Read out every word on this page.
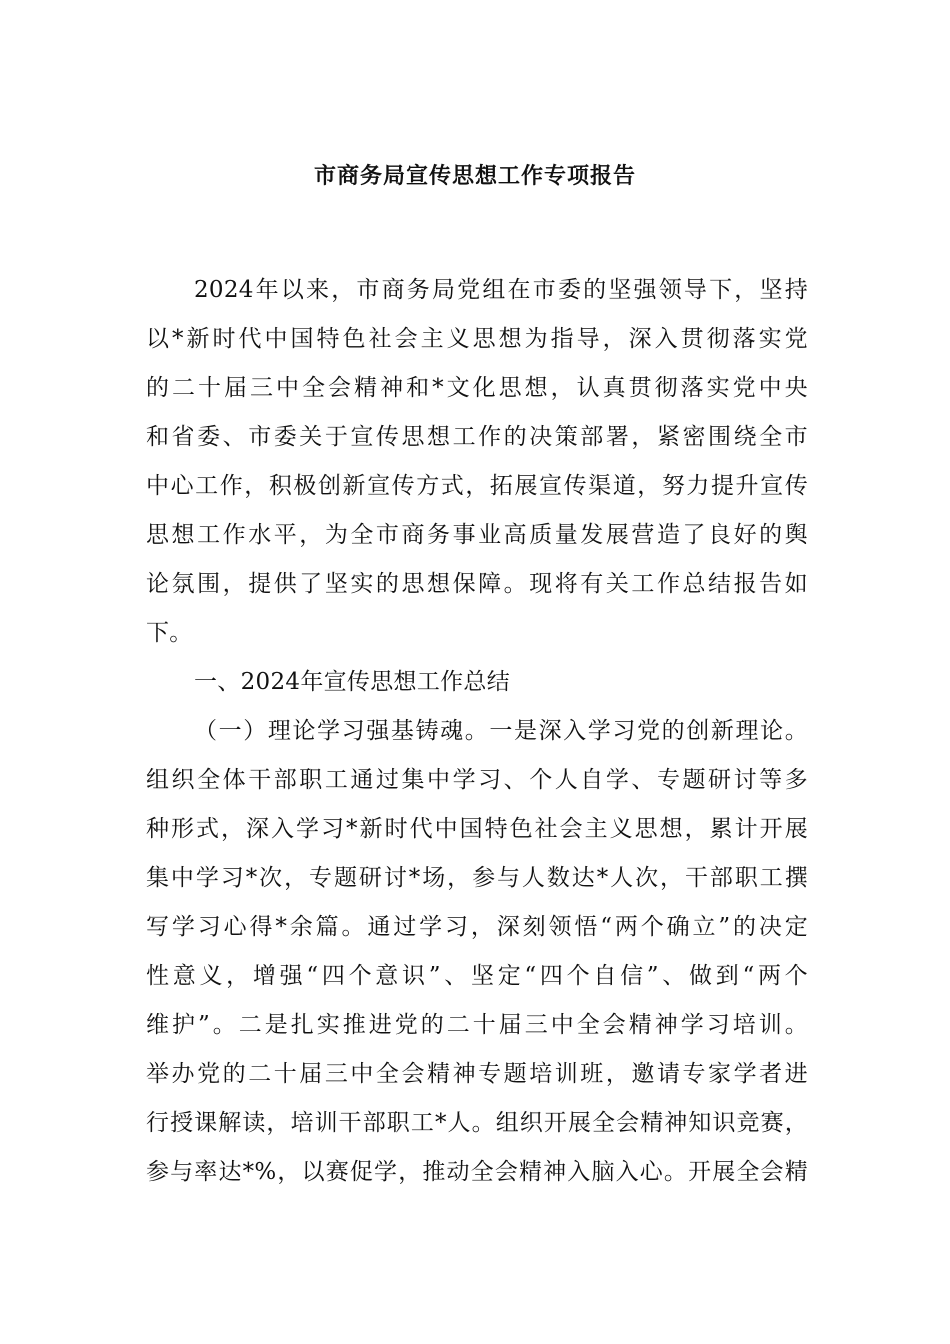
市商务局宣传思想工作专项报告
2024年以来，市商务局党组在市委的坚强领导下，坚持
以*新时代中国特色社会主义思想为指导，深入贯彻落实党
的二十届三中全会精神和*文化思想，认真贯彻落实党中央
和省委、市委关于宣传思想工作的决策部署，紧密围绕全市
中心工作，积极创新宣传方式，拓展宣传渠道，努力提升宣传
思想工作水平，为全市商务事业高质量发展营造了良好的舆
论氛围，提供了坚实的思想保障。现将有关工作总结报告如
下。
一、2024年宣传思想工作总结
（一）理论学习强基铸魂。一是深入学习党的创新理论。
组织全体干部职工通过集中学习、个人自学、专题研讨等多
种形式，深入学习*新时代中国特色社会主义思想，累计开展
集中学习*次，专题研讨*场，参与人数达*人次，干部职工撰
写学习心得*余篇。通过学习，深刻领悟“两个确立”的决定
性意义，增强“四个意识”、坚定“四个自信”、做到“两个
维护”。二是扎实推进党的二十届三中全会精神学习培训。
举办党的二十届三中全会精神专题培训班，邀请专家学者进
行授课解读，培训干部职工*人。组织开展全会精神知识竞赛，
参与率达*%，以赛促学，推动全会精神入脑入心。开展全会精
